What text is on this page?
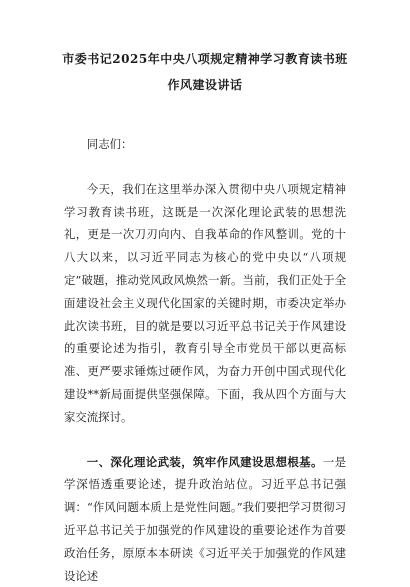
市委书记2025年中央八项规定精神学习教育读书班作风建设讲话

同志们：

今天，我们在这里举办深入贯彻中央八项规定精神学习教育读书班，这既是一次深化理论武装的思想洗礼，更是一次刀刃向内、自我革命的作风整训。党的十八大以来，以习近平同志为核心的党中央以“八项规定”破题，推动党风政风焕然一新。当前，我们正处于全面建设社会主义现代化国家的关键时期，市委决定举办此次读书班，目的就是要以习近平总书记关于作风建设的重要论述为指引，教育引导全市党员干部以更高标准、更严要求锤炼过硬作风，为奋力开创中国式现代化建设**新局面提供坚强保障。下面，我从四个方面与大家交流探讨。

一、深化理论武装，筑牢作风建设思想根基。一是学深悟透重要论述，提升政治站位。习近平总书记强调：“作风问题本质上是党性问题。”我们要把学习贯彻习近平总书记关于加强党的作风建设的重要论述作为首要政治任务，原原本本研读《习近平关于加强党的作风建设论述
